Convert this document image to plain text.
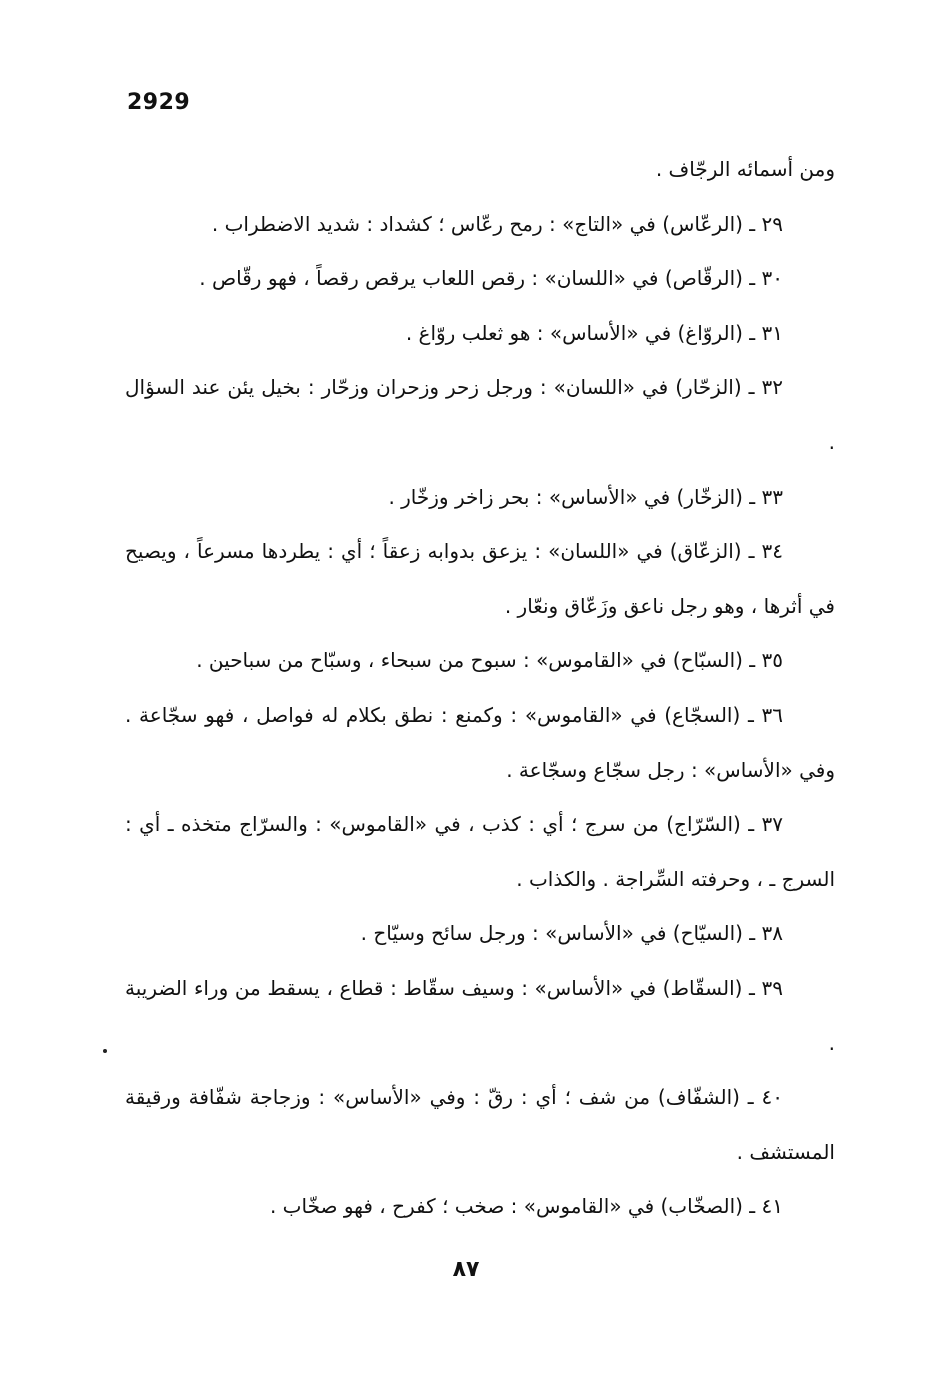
2929

ومن أسمائه الرجّاف .

٢٩ ـ (الرعّاس) في «التاج» : رمح رعّاس ؛ كشداد : شديد الاضطراب .

٣٠ ـ (الرقّاص) في «اللسان» : رقص اللعاب يرقص رقصاً ، فهو رقّاص .

٣١ ـ (الروّاغ) في «الأساس» : هو ثعلب روّاغ .

٣٢ ـ (الزحّار) في «اللسان» : ورجل زحر وزحران وزحّار : بخيل يئن عند السؤال .

٣٣ ـ (الزخّار) في «الأساس» : بحر زاخر وزخّار .

٣٤ ـ (الزعّاق) في «اللسان» : يزعق بدوابه زعقاً ؛ أي : يطردها مسرعاً ، ويصيح في أثرها ، وهو رجل ناعق وزَعّاق ونعّار .

٣٥ ـ (السبّاح) في «القاموس» : سبوح من سبحاء ، وسبّاح من سباحين .

٣٦ ـ (السجّاع) في «القاموس» : وكمنع : نطق بكلام له فواصل ، فهو سجّاعة . وفي «الأساس» : رجل سجّاع وسجّاعة .

٣٧ ـ (السّرّاج) من سرج ؛ أي : كذب ، في «القاموس» : والسرّاج متخذه ـ أي : السرج ـ ، وحرفته السِّراجة . والكذاب .

٣٨ ـ (السيّاح) في «الأساس» : ورجل سائح وسيّاح .

٣٩ ـ (السقّاط) في «الأساس» : وسيف سقّاط : قطاع ، يسقط من وراء الضريبة .

٤٠ ـ (الشفّاف) من شف ؛ أي : رقّ : وفي «الأساس» : وزجاجة شفّافة ورقيقة المستشف .

٤١ ـ (الصخّاب) في «القاموس» : صخب ؛ كفرح ، فهو صخّاب .

٨٧
